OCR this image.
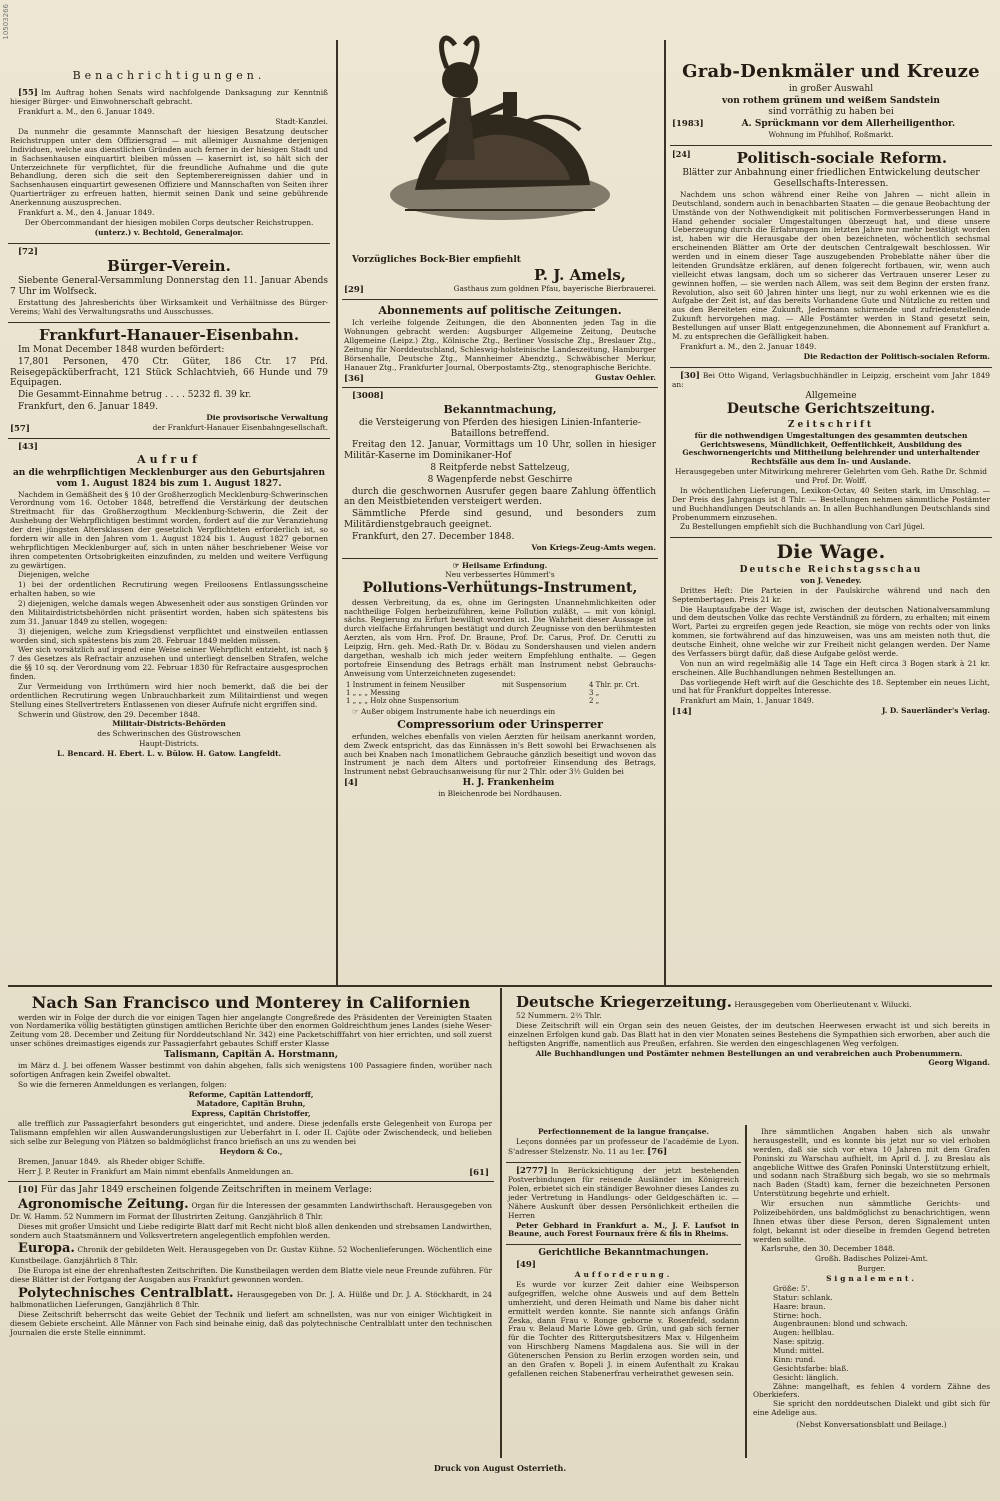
10503266
Benachrichtigungen.

[55] Im Auftrag hohen Senats wird nachfolgende Danksagung zur Kenntniß hiesiger Bürger- und Einwohnerschaft gebracht.

Frankfurt a. M., den 6. Januar 1849.

Stadt-Kanzlei.

Da nunmehr die gesammte Mannschaft der hiesigen Besatzung deutscher Reichstruppen unter dem Offiziersgrad — mit alleiniger Ausnahme derjenigen Individuen, welche aus dienstlichen Gründen auch ferner in der hiesigen Stadt und in Sachsenhausen einquartirt bleiben müssen — kasernirt ist, so hält sich der Unterzeichnete für verpflichtet, für die freundliche Aufnahme und die gute Behandlung, deren sich die seit den Septemberereignissen dahier und in Sachsenhausen einquartirt gewesenen Offiziere und Mannschaften von Seiten ihrer Quartierträger zu erfreuen hatten, hiermit seinen Dank und seine gebührende Anerkennung auszusprechen.

Frankfurt a. M., den 4. Januar 1849.

Der Obercommandant der hiesigen mobilen Corps deutscher Reichstruppen.

(unterz.) v. Bechtold, Generalmajor.

[72]

Bürger-Verein.

Siebente General-Versammlung Donnerstag den 11. Januar Abends 7 Uhr im Wolfseck.

Erstattung des Jahresberichts über Wirksamkeit und Verhältnisse des Bürger-Vereins; Wahl des Verwaltungsraths und Ausschusses.

Frankfurt-Hanauer-Eisenbahn.

Im Monat December 1848 wurden befördert:

17,801 Personen, 470 Ctr. Güter, 186 Ctr. 17 Pfd. Reisegepäcküberfracht, 121 Stück Schlachtvieh, 66 Hunde und 79 Equipagen.

Die Gesammt-Einnahme betrug . . . . 5232 fl. 39 kr.

Frankfurt, den 6. Januar 1849.

Die provisorische Verwaltung

[57]	der Frankfurt-Hanauer Eisenbahngesellschaft.

[43]

Aufruf

an die wehrpflichtigen Mecklenburger aus den Geburtsjahren vom 1. August 1824 bis zum 1. August 1827.

Nachdem in Gemäßheit des § 10 der Großherzoglich Mecklenburg-Schwerinschen Verordnung vom 16. October 1848, betreffend die Verstärkung der deutschen Streitmacht für das Großherzogthum Mecklenburg-Schwerin, die Zeit der Aushebung der Wehrpflichtigen bestimmt worden, fordert auf die zur Veranziehung der drei jüngsten Altersklassen der gesetzlich Verpflichteten erforderlich ist, so fordern wir alle in den Jahren vom 1. August 1824 bis 1. August 1827 gebornen wehrpflichtigen Mecklenburger auf, sich in unten näher beschriebener Weise vor ihren competenten Ortsobrigkeiten einzufinden, zu melden und weitere Verfügung zu gewärtigen.

Diejenigen, welche

1) bei der ordentlichen Recrutirung wegen Freiloosens Entlassungsscheine erhalten haben, so wie

2) diejenigen, welche damals wegen Abwesenheit oder aus sonstigen Gründen vor den Militairdistrictsbehörden nicht präsentirt worden, haben sich spätestens bis zum 31. Januar 1849 zu stellen, wogegen:

3) diejenigen, welche zum Kriegsdienst verpflichtet und einstweilen entlassen worden sind, sich spätestens bis zum 28. Februar 1849 melden müssen.

Wer sich vorsätzlich auf irgend eine Weise seiner Wehrpflicht entzieht, ist nach § 7 des Gesetzes als Refractair anzusehen und unterliegt denselben Strafen, welche die §§ 10 sq. der Verordnung vom 22. Februar 1830 für Refractaire ausgesprochen finden.

Zur Vermeidung von Irrthümern wird hier noch bemerkt, daß die bei der ordentlichen Recrutirung wegen Unbrauchbarkeit zum Militairdienst und wegen Stellung eines Stellvertreters Entlassenen von dieser Aufrufe nicht ergriffen sind.

Schwerin und Güstrow, den 29. December 1848.

Militair-Districts-Behörden

des Schwerinschen des Güstrowschen

Haupt-Districts.

L. Bencard. H. Ebert. L. v. Bülow. H. Gatow. Langfeldt.

Vorzügliches Bock-Bier empfiehlt

P. J. Amels,

[29]	Gasthaus zum goldnen Pfau, bayerische Bierbrauerei.

Abonnements auf politische Zeitungen.

Ich verleihe folgende Zeitungen, die den Abonnenten jeden Tag in die Wohnungen gebracht werden: Augsburger Allgemeine Zeitung, Deutsche Allgemeine (Leipz.) Ztg., Kölnische Ztg., Berliner Vossische Ztg., Breslauer Ztg., Zeitung für Norddeutschland, Schleswig-holsteinische Landeszeitung, Hamburger Börsenhalle, Deutsche Ztg., Mannheimer Abendztg., Schwäbischer Merkur, Hanauer Ztg., Frankfurter Journal, Oberpostamts-Ztg., stenographische Berichte.

[36]	Gustav Oehler.

[3008]

Bekanntmachung,

die Versteigerung von Pferden des hiesigen Linien-Infanterie-Bataillons betreffend.

Freitag den 12. Januar, Vormittags um 10 Uhr, sollen in hiesiger Militär-Kaserne im Dominikaner-Hof

8 Reitpferde nebst Sattelzeug,

8 Wagenpferde nebst Geschirre

durch die geschwornen Ausrufer gegen baare Zahlung öffentlich an den Meistbietenden versteigert werden.

Sämmtliche Pferde sind gesund, und besonders zum Militärdienstgebrauch geeignet.

Frankfurt, den 27. December 1848.

Von Kriegs-Zeug-Amts wegen.

☞ Heilsame Erfindung.

Neu verbessertes Hümmerl's

Pollutions-Verhütungs-Instrument,

dessen Verbreitung, da es, ohne im Geringsten Unannehmlichkeiten oder nachtheilige Folgen herbeizuführen, keine Pollution zuläßt, — mit von königl. sächs. Regierung zu Erfurt bewilligt worden ist. Die Wahrheit dieser Aussage ist durch vielfache Erfahrungen bestätigt und durch Zeugnisse von den berühmtesten Aerzten, als vom Hrn. Prof. Dr. Braune, Prof. Dr. Carus, Prof. Dr. Cerutti zu Leipzig, Hrn. geh. Med.-Rath Dr. v. Bödau zu Sondershausen und vielen andern dargethan, weshalb ich mich jeder weitern Empfehlung enthalte. — Gegen portofreie Einsendung des Betrags erhält man Instrument nebst Gebrauchs-Anweisung vom Unterzeichneten zugesendet:

1 Instrument in feinem Neusilber	mit Suspensorium	4 Thlr. pr. Crt.
1 „ „ „ Messing		3 „
1 „ „ „ Holz ohne Suspensorium		2 „

☞ Außer obigem Instrumente habe ich neuerdings ein

Compressorium oder Urinsperrer

erfunden, welches ebenfalls von vielen Aerzten für heilsam anerkannt worden, dem Zweck entspricht, das das Einnässen in's Bett sowohl bei Erwachsenen als auch bei Knaben nach 1monatlichem Gebrauche gänzlich beseitigt und wovon das Instrument je nach dem Alters und portofreier Einsendung des Betrags, Instrument nebst Gebrauchsanweisung für nur 2 Thlr. oder 3½ Gulden bei

[4]	H. J. Frankenheim

in Bleichenrode bei Nordhausen.

Grab-Denkmäler und Kreuze

in großer Auswahl

von rothem grünem und weißem Sandstein

sind vorräthig zu haben bei

[1983]	A. Sprückmann vor dem Allerheiligenthor.

Wohnung im Pfuhlhof, Roßmarkt.

[24]	Politisch-sociale Reform.

Blätter zur Anbahnung einer friedlichen Entwickelung deutscher Gesellschafts-Interessen.

Nachdem uns schon während einer Reihe von Jahren — nicht allein in Deutschland, sondern auch in benachbarten Staaten — die genaue Beobachtung der Umstände von der Nothwendigkeit mit politischen Formverbesserungen Hand in Hand gehender socialer Umgestaltungen überzeugt hat, und diese unsere Ueberzeugung durch die Erfahrungen im letzten Jahre nur mehr bestätigt worden ist, haben wir die Herausgabe der oben bezeichneten, wöchentlich sechsmal erscheinenden Blätter am Orte der deutschen Centralgewalt beschlossen. Wir werden und in einem dieser Tage auszugebenden Probeblatte näher über die leitenden Grundsätze erklären, auf denen folgerecht fortbauen, wir, wenn auch vielleicht etwas langsam, doch um so sicherer das Vertrauen unserer Leser zu gewinnen hoffen, — sie werden nach Allem, was seit dem Beginn der ersten franz. Revolution, also seit 60 Jahren hinter uns liegt, nur zu wohl erkennen wie es die Aufgabe der Zeit ist, auf das bereits Vorhandene Gute und Nützliche zu retten und aus den Bereiteten eine Zukunft, Jedermann schirmende und zufriedenstellende Zukunft hervorgehen mag. — Alle Postämter werden in Stand gesetzt sein, Bestellungen auf unser Blatt entgegenzunehmen, die Abonnement auf Frankfurt a. M. zu entsprechen die Gefälligkeit haben.

Frankfurt a. M., den 2. Januar 1849.

Die Redaction der Politisch-socialen Reform.

[30] Bei Otto Wigand, Verlagsbuchhändler in Leipzig, erscheint vom Jahr 1849 an:

Allgemeine

Deutsche Gerichtszeitung.

Zeitschrift

für die nothwendigen Umgestaltungen des gesammten deutschen Gerichtswesens, Mündlichkeit, Oeffentlichkeit, Ausbildung des Geschwornengerichts und Mittheilung belehrender und unterhaltender Rechtsfälle aus dem In- und Auslande.

Herausgegeben unter Mitwirkung mehrerer Gelehrten vom Geh. Rathe Dr. Schmid und Prof. Dr. Wolff.

In wöchentlichen Lieferungen, Lexikon-Octav, 40 Seiten stark, im Umschlag. — Der Preis des Jahrgangs ist 8 Thlr. — Bestellungen nehmen sämmtliche Postämter und Buchhandlungen Deutschlands an. In allen Buchhandlungen Deutschlands sind Probenummern einzusehen.

Zu Bestellungen empfiehlt sich die Buchhandlung von Carl Jügel.

Die Wage.

Deutsche Reichstagsschau

von J. Venedey.

Drittes Heft: Die Parteien in der Paulskirche während und nach den Septembertagen. Preis 21 kr.

Die Hauptaufgabe der Wage ist, zwischen der deutschen Nationalversammlung und dem deutschen Volke das rechte Verständniß zu fördern, zu erhalten; mit einem Wort, Partei zu ergreifen gegen jede Reaction, sie möge von rechts oder von links kommen, sie fortwährend auf das hinzuweisen, was uns am meisten noth thut, die deutsche Einheit, ohne welche wir zur Freiheit nicht gelangen werden. Der Name des Verfassers bürgt dafür, daß diese Aufgabe gelöst werde.

Von nun an wird regelmäßig alle 14 Tage ein Heft circa 3 Bogen stark à 21 kr. erscheinen. Alle Buchhandlungen nehmen Bestellungen an.

Das vorliegende Heft wirft auf die Geschichte des 18. September ein neues Licht, und hat für Frankfurt doppeltes Interesse.

Frankfurt am Main, 1. Januar 1849.

[14]	J. D. Sauerländer's Verlag.

Nach San Francisco und Monterey in Californien

werden wir in Folge der durch die vor einigen Tagen hier angelangte Congreßrede des Präsidenten der Vereinigten Staaten von Nordamerika völlig bestätigten günstigen amtlichen Berichte über den enormen Goldreichthum jenes Landes (siehe Weser-Zeitung vom 28. December und Zeitung für Norddeutschland Nr. 342) eine Packetschifffahrt von hier errichten, und soll zuerst unser schönes dreimastiges eigends zur Passagierfahrt gebautes Schiff erster Klasse

Talismann, Capitän A. Horstmann,

im März d. J. bei offenem Wasser bestimmt von dahin abgehen, falls sich wenigstens 100 Passagiere finden, worüber nach sofortigen Anfragen kein Zweifel obwaltet.

So wie die ferneren Anmeldungen es verlangen, folgen:

Reforme, Capitän Lattendorff,

Matadore, Capitän Bruhn,

Express, Capitän Christoffer,

alle trefflich zur Passagierfahrt besonders gut eingerichtet, und andere. Diese jedenfalls erste Gelegenheit von Europa per Talismann empfehlen wir allen Auswanderungslustigen zur Ueberfahrt in I. oder II. Cajüte oder Zwischendeck, und belieben sich selbe zur Belegung von Plätzen so baldmöglichst franco briefisch an uns zu wenden bei

Heydorn & Co.,

Bremen, Januar 1849. als Rheder obiger Schiffe.

Herr J. P. Reuter in Frankfurt am Main nimmt ebenfalls Anmeldungen an.	[61]

[10] Für das Jahr 1849 erscheinen folgende Zeitschriften in meinem Verlage:

Agronomische Zeitung. Organ für die Interessen der gesammten Landwirthschaft. Herausgegeben von Dr. W. Hamm. 52 Nummern im Format der Illustrirten Zeitung. Ganzjährlich 8 Thlr.

Dieses mit großer Umsicht und Liebe redigirte Blatt darf mit Recht nicht bloß allen denkenden und strebsamen Landwirthen, sondern auch Staatsmännern und Volksvertretern angelegentlich empfohlen werden.

Europa. Chronik der gebildeten Welt. Herausgegeben von Dr. Gustav Kühne. 52 Wochenlieferungen. Wöchentlich eine Kunstbeilage. Ganzjährlich 8 Thlr.

Die Europa ist eine der ehrenhaftesten Zeitschriften. Die Kunstbeilagen werden dem Blatte viele neue Freunde zuführen. Für diese Blätter ist der Fortgang der Ausgaben aus Frankfurt gewonnen worden.

Polytechnisches Centralblatt. Herausgegeben von Dr. J. A. Hülße und Dr. J. A. Stöckhardt, in 24 halbmonatlichen Lieferungen, Ganzjährlich 8 Thlr.

Diese Zeitschrift beherrscht das weite Gebiet der Technik und liefert am schnellsten, was nur von einiger Wichtigkeit in diesem Gebiete erscheint. Alle Männer von Fach sind beinahe einig, daß das polytechnische Centralblatt unter den technischen Journalen die erste Stelle einnimmt.

Deutsche Kriegerzeitung. Herausgegeben vom Oberlieutenant v. Wilucki.

52 Nummern. 2⅔ Thlr.

Diese Zeitschrift will ein Organ sein des neuen Geistes, der im deutschen Heerwesen erwacht ist und sich bereits in einzelnen Erfolgen kund gab. Das Blatt hat in den vier Monaten seines Bestehens die Sympathien sich erworben, aber auch die heftigsten Angriffe, namentlich aus Preußen, erfahren. Sie werden den eingeschlagenen Weg verfolgen.

Alle Buchhandlungen und Postämter nehmen Bestellungen an und verabreichen auch Probenummern.

Georg Wigand.

Perfectionnement de la langue française.

Leçons données par un professeur de l'académie de Lyon. S'adresser Stelzenstr. No. 11 au 1er. [76]

[2777] In Berücksichtigung der jetzt bestehenden Postverbindungen für reisende Ausländer im Königreich Polen, erbietet sich ein ständiger Bewohner dieses Landes zu jeder Vertretung in Handlungs- oder Geldgeschäften ic. — Nähere Auskunft über dessen Persönlichkeit ertheilen die Herren

Peter Gebhard in Frankfurt a. M., J. F. Laufsot in Beaune, auch Forest Fournaux frère & fils in Rheims.

Gerichtliche Bekanntmachungen.

[49]

Aufforderung.

Es wurde vor kurzer Zeit dahier eine Weibsperson aufgegriffen, welche ohne Ausweis und auf dem Betteln umherzieht, und deren Heimath und Name bis daher nicht ermittelt werden konnte. Sie nannte sich anfangs Gräfin Zeska, dann Frau v. Ronge geborne v. Rosenfeld, sodann Frau v. Belaud Marie Löwe geb. Grün, und gab sich ferner für die Tochter des Rittergutsbesitzers Max v. Hilgenheim von Hirschberg Namens Magdalena aus. Sie will in der Gütenerschen Pension zu Berlin erzogen worden sein, und an den Grafen v. Bopeli J. in einem Aufenthalt zu Krakau gefallenen reichen Stabenerfrau verheirathet gewesen sein.

Ihre sämmtlichen Angaben haben sich als unwahr herausgestellt, und es konnte bis jetzt nur so viel erhoben werden, daß sie sich vor etwa 10 Jahren mit dem Grafen Poninski zu Warschau aufhielt, im April d. J. zu Breslau als angebliche Wittwe des Grafen Poninski Unterstützung erhielt, und sodann nach Straßburg sich begab, wo sie so mehrmals nach Baden (Stadt) kam, ferner die bezeichneten Personen Unterstützung begehrte und erhielt.

Wir ersuchen nun sämmtliche Gerichts- und Polizeibehörden, uns baldmöglichst zu benachrichtigen, wenn Ihnen etwas über diese Person, deren Signalement unten folgt, bekannt ist oder dieselbe in fremden Gegend betreten werden sollte.

Karlsruhe, den 30. December 1848.

Großh. Badisches Polizei-Amt.

Burger.

Signalement.

Größe: 5'.

Statur: schlank.

Haare: braun.

Stirne: hoch.

Augenbraunen: blond und schwach.

Augen: hellblau.

Nase: spitzig.

Mund: mittel.

Kinn: rund.

Gesichtsfarbe: blaß.

Gesicht: länglich.

Zähne: mangelhaft, es fehlen 4 vordern Zähne des Oberkiefers.

Sie spricht den norddeutschen Dialekt und gibt sich für eine Adelige aus.

(Nebst Konversationsblatt und Beilage.)

Druck von August Osterrieth.
